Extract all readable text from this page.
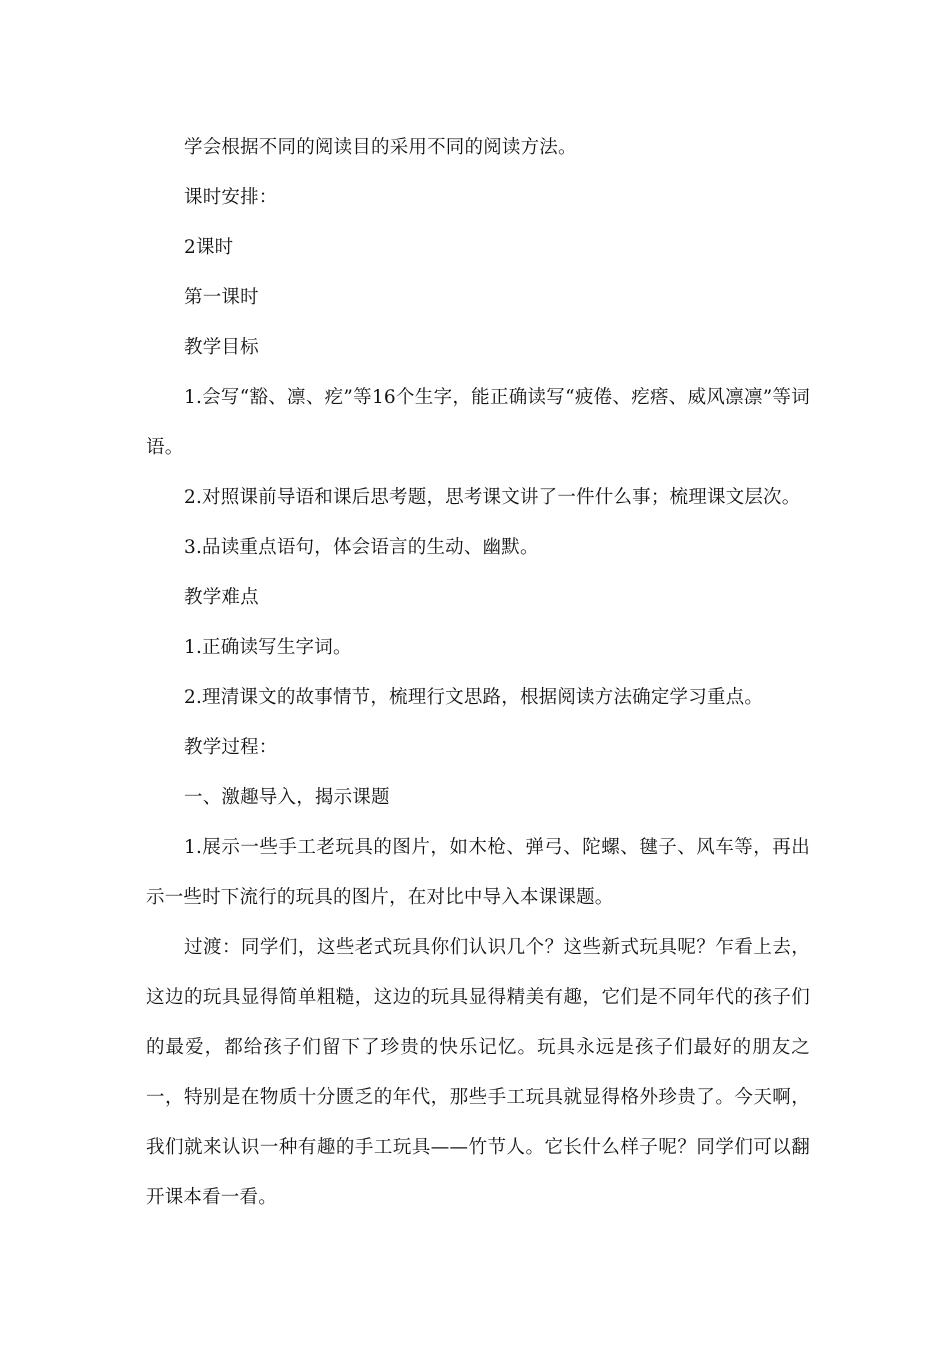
学会根据不同的阅读目的采用不同的阅读方法。

课时安排：

2课时

第一课时

教学目标

1.会写“豁、凛、疙”等16个生字，能正确读写“疲倦、疙瘩、威风凛凛”等词语。

2.对照课前导语和课后思考题，思考课文讲了一件什么事；梳理课文层次。

3.品读重点语句，体会语言的生动、幽默。

教学难点

1.正确读写生字词。

2.理清课文的故事情节，梳理行文思路，根据阅读方法确定学习重点。

教学过程：

一、激趣导入，揭示课题

1.展示一些手工老玩具的图片，如木枪、弹弓、陀螺、毽子、风车等，再出示一些时下流行的玩具的图片，在对比中导入本课课题。

过渡：同学们，这些老式玩具你们认识几个？这些新式玩具呢？乍看上去，这边的玩具显得简单粗糙，这边的玩具显得精美有趣，它们是不同年代的孩子们的最爱，都给孩子们留下了珍贵的快乐记忆。玩具永远是孩子们最好的朋友之一，特别是在物质十分匮乏的年代，那些手工玩具就显得格外珍贵了。今天啊，我们就来认识一种有趣的手工玩具——竹节人。它长什么样子呢？同学们可以翻开课本看一看。
